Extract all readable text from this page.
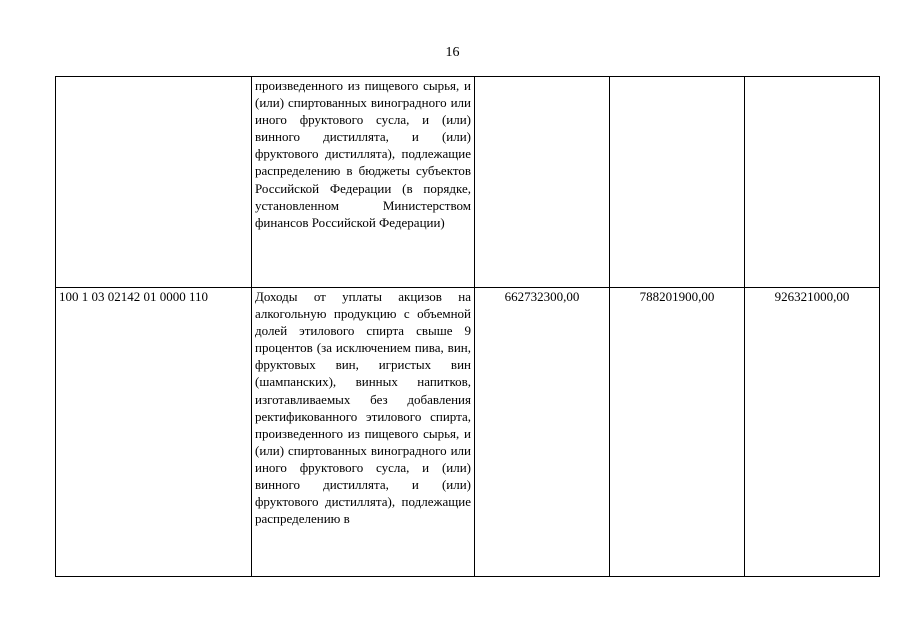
16
	произведенного из пищевого сырья, и (или) спиртованных виноградного или иного фруктового сусла, и (или) винного дистиллята, и (или) фруктового дистиллята), подлежащие распределению в бюджеты субъектов Российской Федерации (в порядке, установленном Министерством финансов Российской Федерации)			
100 1 03 02142 01 0000 110	Доходы от уплаты акцизов на алкогольную продукцию с объемной долей этилового спирта свыше 9 процентов (за исключением пива, вин, фруктовых вин, игристых вин (шампанских), винных напитков, изготавливаемых без добавления ректификованного этилового спирта, произведенного из пищевого сырья, и (или) спиртованных виноградного или иного фруктового сусла, и (или) винного дистиллята, и (или) фруктового дистиллята), подлежащие распределению в	662732300,00	788201900,00	926321000,00
